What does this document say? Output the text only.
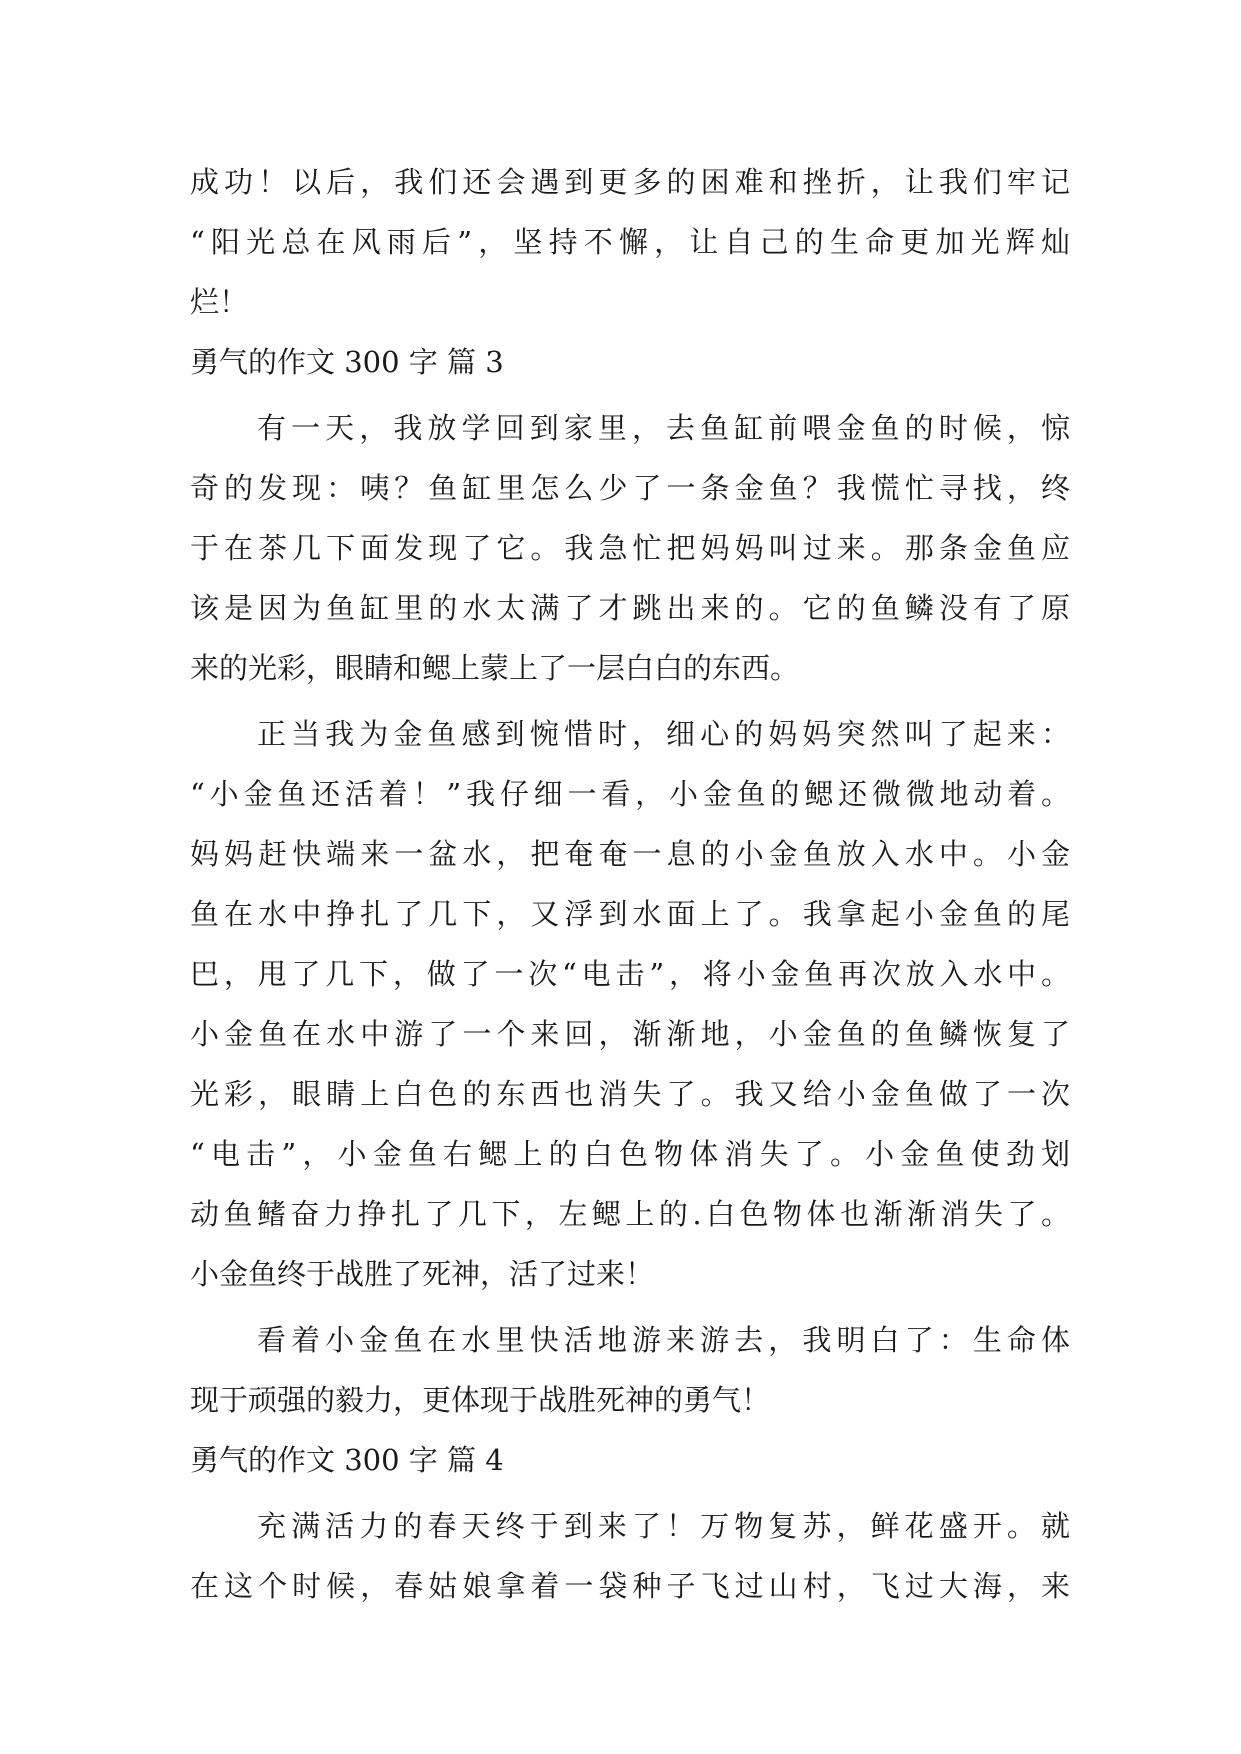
成功！以后，我们还会遇到更多的困难和挫折，让我们牢记
“阳光总在风雨后”，坚持不懈，让自己的生命更加光辉灿
烂！
勇气的作文 300 字 篇 3
有一天，我放学回到家里，去鱼缸前喂金鱼的时候，惊
奇的发现：咦？鱼缸里怎么少了一条金鱼？我慌忙寻找，终
于在茶几下面发现了它。我急忙把妈妈叫过来。那条金鱼应
该是因为鱼缸里的水太满了才跳出来的。它的鱼鳞没有了原
来的光彩，眼睛和鳃上蒙上了一层白白的东西。
正当我为金鱼感到惋惜时，细心的妈妈突然叫了起来：
“小金鱼还活着！”我仔细一看，小金鱼的鳃还微微地动着。
妈妈赶快端来一盆水，把奄奄一息的小金鱼放入水中。小金
鱼在水中挣扎了几下，又浮到水面上了。我拿起小金鱼的尾
巴，甩了几下，做了一次“电击”，将小金鱼再次放入水中。
小金鱼在水中游了一个来回，渐渐地，小金鱼的鱼鳞恢复了
光彩，眼睛上白色的东西也消失了。我又给小金鱼做了一次
“电击”，小金鱼右鳃上的白色物体消失了。小金鱼使劲划
动鱼鳍奋力挣扎了几下，左鳃上的.白色物体也渐渐消失了。
小金鱼终于战胜了死神，活了过来！
看着小金鱼在水里快活地游来游去，我明白了：生命体
现于顽强的毅力，更体现于战胜死神的勇气！
勇气的作文 300 字 篇 4
充满活力的春天终于到来了！万物复苏，鲜花盛开。就
在这个时候，春姑娘拿着一袋种子飞过山村，飞过大海，来
